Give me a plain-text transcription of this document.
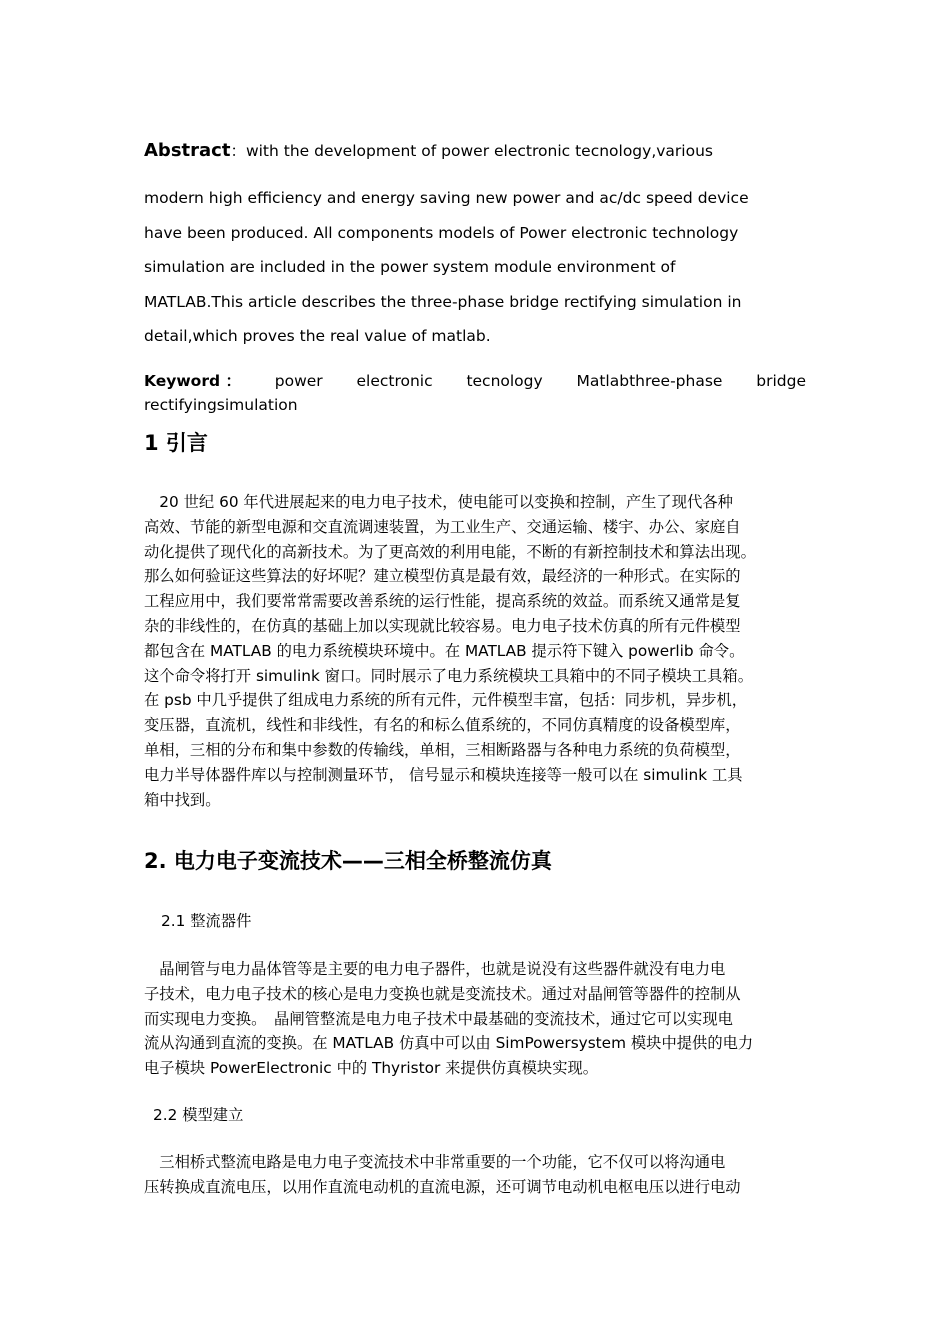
Abstract：with the development of power electronic tecnology,various
modern high efficiency and energy saving new power and ac/dc speed device
have been produced. All components models of Power electronic technology
simulation are included in the power system module environment of
MATLAB.This article describes the three-phase bridge rectifying simulation in
detail,which proves the real value of matlab.
Keyword ： power electronic tecnology Matlabthree-phase bridge
rectifyingsimulation
1 引言
　20 世纪 60 年代进展起来的电力电子技术，使电能可以变换和控制，产生了现代各种
高效、节能的新型电源和交直流调速装置，为工业生产、交通运输、楼宇、办公、家庭自
动化提供了现代化的高新技术。为了更高效的利用电能，不断的有新控制技术和算法出现。
那么如何验证这些算法的好坏呢？建立模型仿真是最有效，最经济的一种形式。在实际的
工程应用中，我们要常常需要改善系统的运行性能，提高系统的效益。而系统又通常是复
杂的非线性的，在仿真的基础上加以实现就比较容易。电力电子技术仿真的所有元件模型
都包含在 MATLAB 的电力系统模块环境中。在 MATLAB 提示符下键入 powerlib 命令。
这个命令将打开 simulink 窗口。同时展示了电力系统模块工具箱中的不同子模块工具箱。
在 psb 中几乎提供了组成电力系统的所有元件，元件模型丰富，包括：同步机，异步机，
变压器，直流机，线性和非线性，有名的和标么值系统的，不同仿真精度的设备模型库，
单相，三相的分布和集中参数的传输线，单相，三相断路器与各种电力系统的负荷模型，
电力半导体器件库以与控制测量环节， 信号显示和模块连接等一般可以在 simulink 工具
箱中找到。
2. 电力电子变流技术——三相全桥整流仿真
2.1 整流器件
　晶闸管与电力晶体管等是主要的电力电子器件，也就是说没有这些器件就没有电力电
子技术，电力电子技术的核心是电力变换也就是变流技术。通过对晶闸管等器件的控制从
而实现电力变换。　晶闸管整流是电力电子技术中最基础的变流技术，通过它可以实现电
流从沟通到直流的变换。在 MATLAB 仿真中可以由 SimPowersystem 模块中提供的电力
电子模块 PowerElectronic 中的 Thyristor 来提供仿真模块实现。
2.2 模型建立
　三相桥式整流电路是电力电子变流技术中非常重要的一个功能，它不仅可以将沟通电
压转换成直流电压，以用作直流电动机的直流电源，还可调节电动机电枢电压以进行电动
